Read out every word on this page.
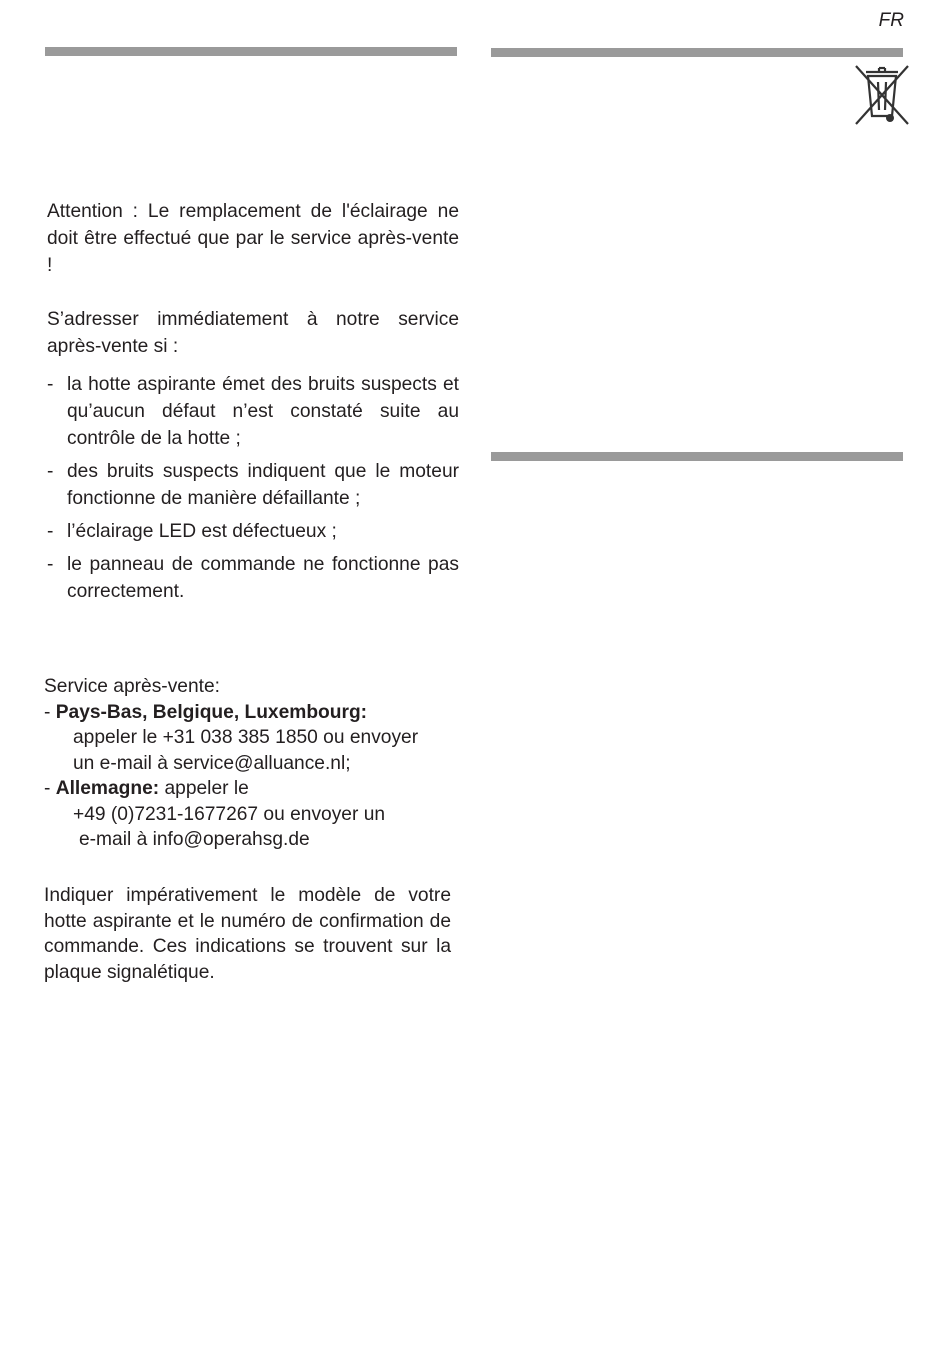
FR

Attention : Le remplacement de l'éclairage ne doit être effectué que par le service après-vente !

S’adresser immédiatement à notre service après-vente si :

- la hotte aspirante émet des bruits suspects et qu’aucun défaut n’est constaté suite au contrôle de la hotte ;
- des bruits suspects indiquent que le moteur fonctionne de manière défaillante ;
- l’éclairage LED est défectueux ;
- le panneau de commande ne fonctionne pas correctement.
Service après-vente:
- Pays-Bas, Belgique, Luxembourg:
appeler le +31 038 385 1850 ou envoyer
un e-mail à service@alluance.nl;
- Allemagne: appeler le
+49 (0)7231-1677267 ou envoyer un
e-mail à info@operahsg.de
Indiquer impérativement le modèle de votre hotte aspirante et le numéro de confirmation de commande. Ces indications se trouvent sur la plaque signalétique.
